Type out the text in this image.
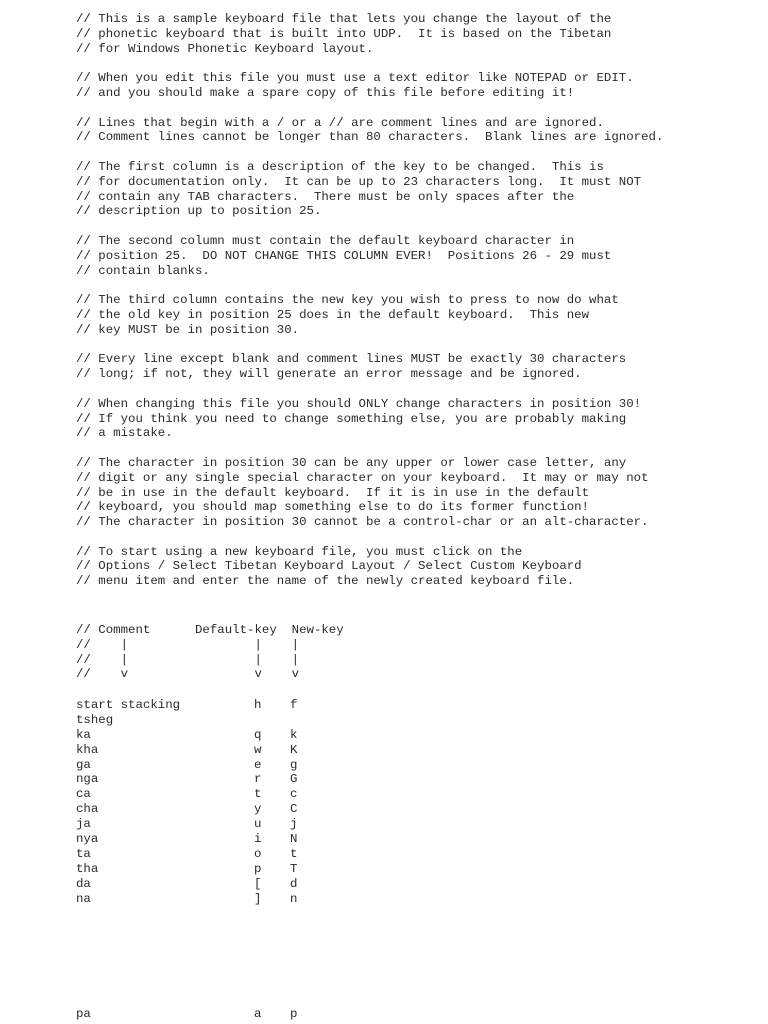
// This is a sample keyboard file that lets you change the layout of the
// phonetic keyboard that is built into UDP.  It is based on the Tibetan
// for Windows Phonetic Keyboard layout.
// When you edit this file you must use a text editor like NOTEPAD or EDIT.
// and you should make a spare copy of this file before editing it!
// Lines that begin with a / or a // are comment lines and are ignored.
// Comment lines cannot be longer than 80 characters.  Blank lines are ignored.
// The first column is a description of the key to be changed.  This is
// for documentation only.  It can be up to 23 characters long.  It must NOT
// contain any TAB characters.  There must be only spaces after the
// description up to position 25.
// The second column must contain the default keyboard character in
// position 25.  DO NOT CHANGE THIS COLUMN EVER!  Positions 26 - 29 must
// contain blanks.
// The third column contains the new key you wish to press to now do what
// the old key in position 25 does in the default keyboard.  This new
// key MUST be in position 30.
// Every line except blank and comment lines MUST be exactly 30 characters
// long; if not, they will generate an error message and be ignored.
// When changing this file you should ONLY change characters in position 30!
// If you think you need to change something else, you are probably making
// a mistake.
// The character in position 30 can be any upper or lower case letter, any
// digit or any single special character on your keyboard.  It may or may not
// be in use in the default keyboard.  If it is in use in the default
// keyboard, you should map something else to do its former function!
// The character in position 30 cannot be a control-char or an alt-character.
// To start using a new keyboard file, you must click on the
// Options / Select Tibetan Keyboard Layout / Select Custom Keyboard
// menu item and enter the name of the newly created keyboard file.
// Comment      Default-key  New-key
//    |                 |    |
//    |                 |    |
//    v                 v    v
start stacking	h f
tsheg
ka	q k
kha	w K
ga	e g
nga	r G
ca	t c
cha	y C
ja	u j
nya	i N
ta	o t
tha	p T
da	[ d
na	] n
pa	a p
